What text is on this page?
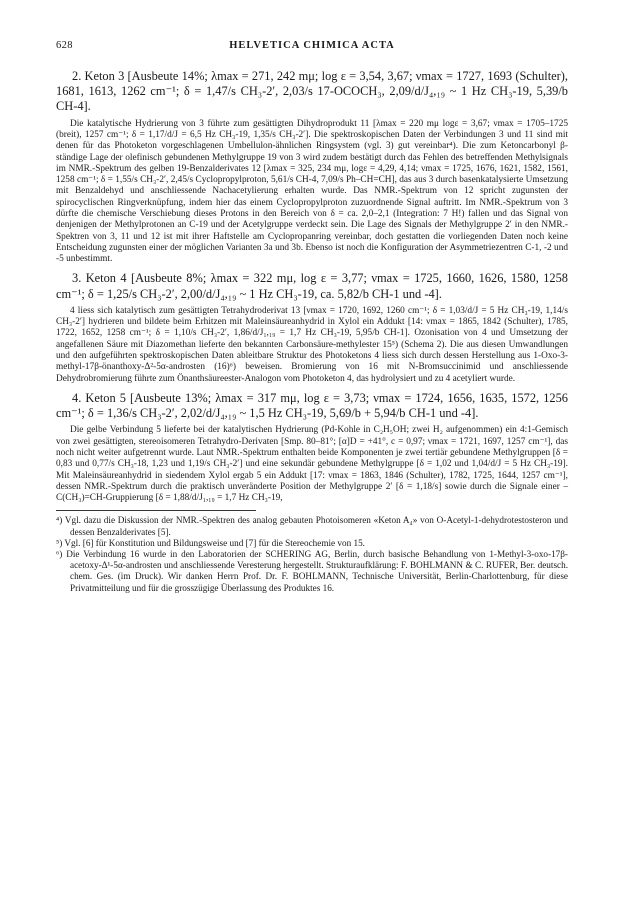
628	HELVETICA CHIMICA ACTA

2. Keton 3 [Ausbeute 14%; λmax = 271, 242 mμ; log ε = 3,54, 3,67; νmax = 1727, 1693 (Schulter), 1681, 1613, 1262 cm⁻¹; δ = 1,47/s CH₃-2′, 2,03/s 17-OCOCH₃, 2,09/d/J₄,₁₉ ~ 1 Hz CH₃-19, 5,39/b CH-4].

Die katalytische Hydrierung von 3 führte zum gesättigten Dihydroprodukt 11 [λmax = 220 mμ logε = 3,67; νmax = 1705–1725 (breit), 1257 cm⁻¹; δ = 1,17/d/J = 6,5 Hz CH₃-19, 1,35/s CH₃-2′]. Die spektroskopischen Daten der Verbindungen 3 und 11 sind mit denen für das Photoketon vorgeschlagenen Umbellulon-ähnlichen Ringsystem (vgl. 3) gut vereinbar⁴). Die zum Ketoncarbonyl β-ständige Lage der olefinisch gebundenen Methylgruppe 19 von 3 wird zudem bestätigt durch das Fehlen des betreffenden Methylsignals im NMR.-Spektrum des gelben 19-Benzalderivates 12 [λmax = 325, 234 mμ, logε = 4,29, 4,14; νmax = 1725, 1676, 1621, 1582, 1561, 1258 cm⁻¹; δ = 1,55/s CH₃-2′, 2,45/s Cyclopropylproton, 5,61/s CH-4, 7,09/s Ph–CH=CH], das aus 3 durch basenkatalysierte Umsetzung mit Benzaldehyd und anschliessende Nachacetylierung erhalten wurde. Das NMR.-Spektrum von 12 spricht zugunsten der spirocyclischen Ringverknüpfung, indem hier das einem Cyclopropylproton zuzuordnende Signal auftritt. Im NMR.-Spektrum von 3 dürfte die chemische Verschiebung dieses Protons in den Bereich von δ = ca. 2,0–2,1 (Integration: 7 H!) fallen und das Signal von denjenigen der Methylprotonen an C-19 und der Acetylgruppe verdeckt sein. Die Lage des Signals der Methylgruppe 2′ in den NMR.-Spektren von 3, 11 und 12 ist mit ihrer Haftstelle am Cyclopropanring vereinbar, doch gestatten die vorliegenden Daten noch keine Entscheidung zugunsten einer der möglichen Varianten 3a und 3b. Ebenso ist noch die Konfiguration der Asymmetriezentren C-1, -2 und -5 unbestimmt.

3. Keton 4 [Ausbeute 8%; λmax = 322 mμ, log ε = 3,77; νmax = 1725, 1660, 1626, 1580, 1258 cm⁻¹; δ = 1,25/s CH₃-2′, 2,00/d/J₄,₁₉ ~ 1 Hz CH₃-19, ca. 5,82/b CH-1 und -4].

4 liess sich katalytisch zum gesättigten Tetrahydroderivat 13 [νmax = 1720, 1692, 1260 cm⁻¹; δ = 1,03/d/J = 5 Hz CH₃-19, 1,14/s CH₃-2′] hydrieren und bildete beim Erhitzen mit Maleinsäureanhydrid in Xylol ein Addukt [14: νmax = 1865, 1842 (Schulter), 1785, 1722, 1652, 1258 cm⁻¹; δ = 1,10/s CH₃-2′, 1,86/d/J₁,₁₉ = 1,7 Hz CH₃-19, 5,95/b CH-1]. Ozonisation von 4 und Umsetzung der angefallenen Säure mit Diazomethan lieferte den bekannten Carbonsäure-methylester 15⁵) (Schema 2). Die aus diesen Umwandlungen und den aufgeführten spektroskopischen Daten ableitbare Struktur des Photoketons 4 liess sich durch dessen Herstellung aus 1-Oxo-3-methyl-17β-önanthoxy-Δ²-5α-androsten (16)⁶) beweisen. Bromierung von 16 mit N-Bromsuccinimid und anschliessende Dehydrobromierung führte zum Önanthsäureester-Analogon vom Photoketon 4, das hydrolysiert und zu 4 acetyliert wurde.

4. Keton 5 [Ausbeute 13%; λmax = 317 mμ, log ε = 3,73; νmax = 1724, 1656, 1635, 1572, 1256 cm⁻¹; δ = 1,36/s CH₃-2′, 2,02/d/J₄,₁₉ ~ 1,5 Hz CH₃-19, 5,69/b + 5,94/b CH-1 und -4].

Die gelbe Verbindung 5 lieferte bei der katalytischen Hydrierung (Pd-Kohle in C₂H₅OH; zwei H₂ aufgenommen) ein 4:1-Gemisch von zwei gesättigten, stereoisomeren Tetrahydro-Derivaten [Smp. 80–81°; [α]D = +41°, c = 0,97; νmax = 1721, 1697, 1257 cm⁻¹], das noch nicht weiter aufgetrennt wurde. Laut NMR.-Spektrum enthalten beide Komponenten je zwei tertiär gebundene Methylgruppen [δ = 0,83 und 0,77/s CH₃-18, 1,23 und 1,19/s CH₃-2′] und eine sekundär gebundene Methylgruppe [δ = 1,02 und 1,04/d/J = 5 Hz CH₃-19]. Mit Maleinsäureanhydrid in siedendem Xylol ergab 5 ein Addukt [17: νmax = 1863, 1846 (Schulter), 1782, 1725, 1644, 1257 cm⁻¹], dessen NMR.-Spektrum durch die praktisch unveränderte Position der Methylgruppe 2′ [δ = 1,18/s] sowie durch die Signale einer –C(CH₃)=CH-Gruppierung [δ = 1,88/d/J₁,₁₉ = 1,7 Hz CH₃-19,

⁴) Vgl. dazu die Diskussion der NMR.-Spektren des analog gebauten Photoisomeren «Keton A₄» von O-Acetyl-1-dehydrotestosteron und dessen Benzalderivates [5].

⁵) Vgl. [6] für Konstitution und Bildungsweise und [7] für die Stereochemie von 15.

⁶) Die Verbindung 16 wurde in den Laboratorien der SCHERING AG, Berlin, durch basische Behandlung von 1-Methyl-3-oxo-17β-acetoxy-Δ¹-5α-androsten und anschliessende Veresterung hergestellt. Strukturaufklärung: F. BOHLMANN & C. RUFER, Ber. deutsch. chem. Ges. (im Druck). Wir danken Herrn Prof. Dr. F. BOHLMANN, Technische Universität, Berlin-Charlottenburg, für diese Privatmitteilung und für die grosszügige Überlassung des Produktes 16.
